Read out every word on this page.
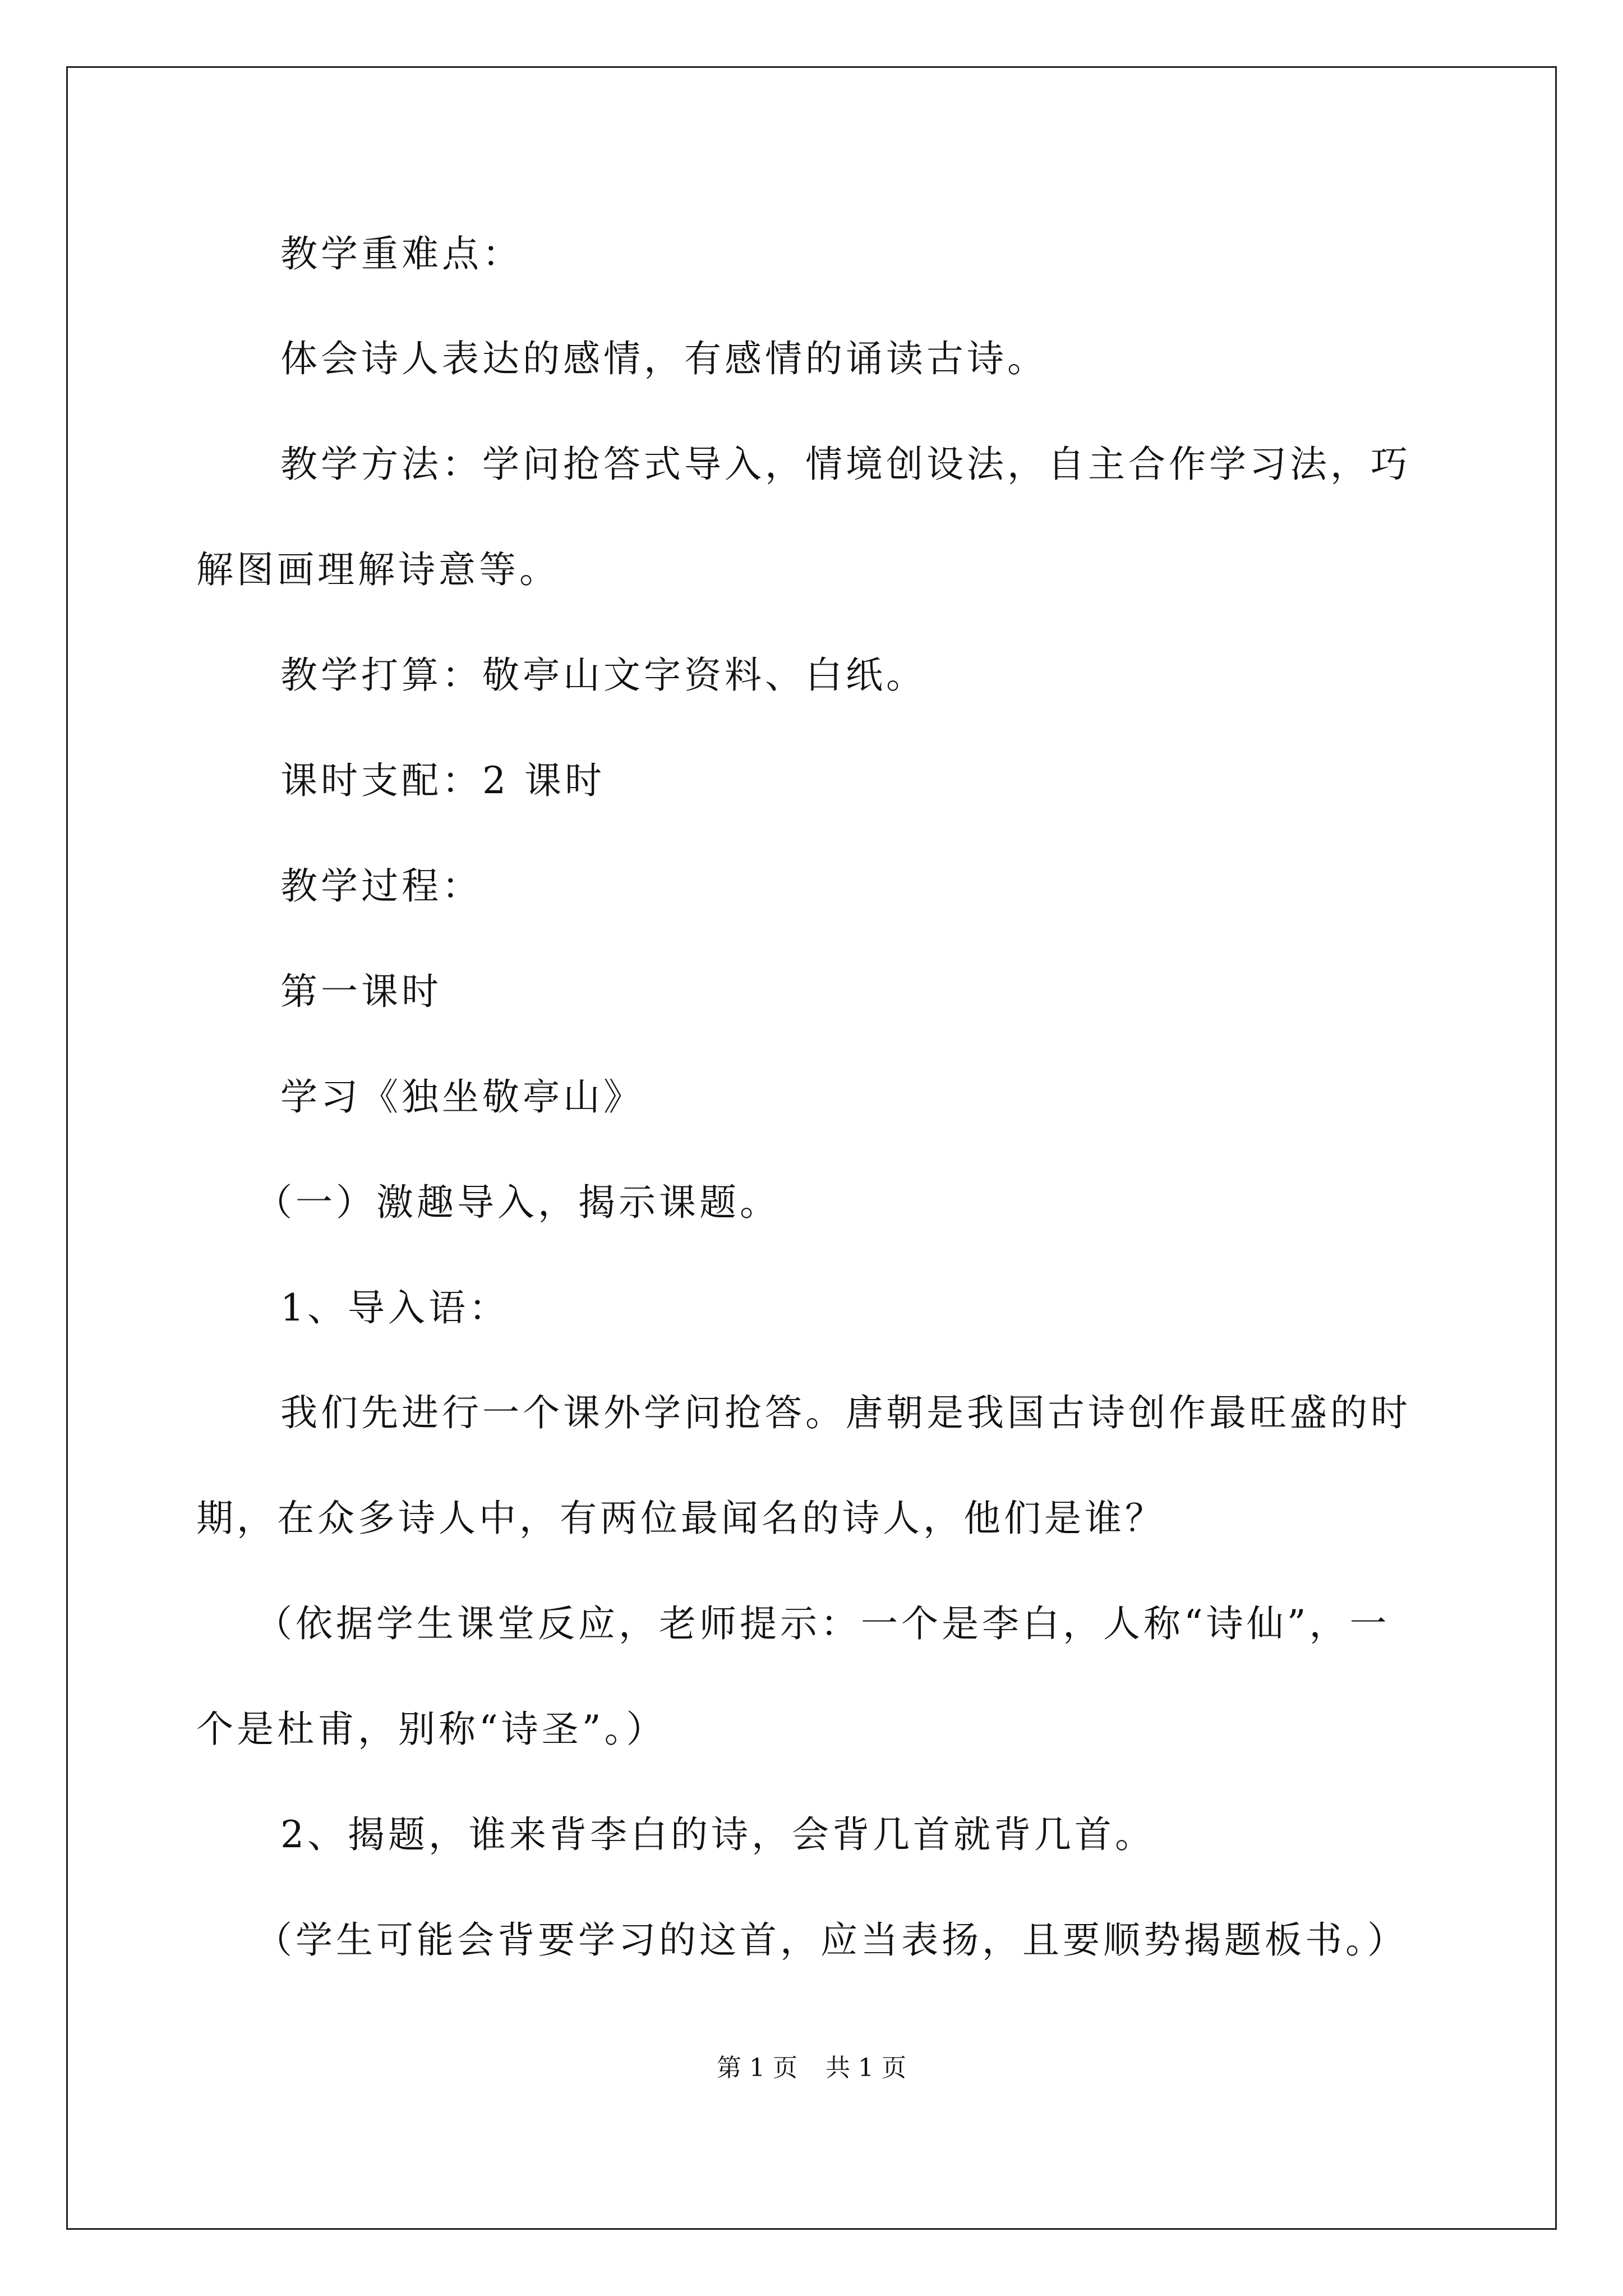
教学重难点：
体会诗人表达的感情，有感情的诵读古诗。
教学方法：学问抢答式导入，情境创设法，自主合作学习法，巧
解图画理解诗意等。
教学打算：敬亭山文字资料、白纸。
课时支配：2 课时
教学过程：
第一课时
学习《独坐敬亭山》
（一）激趣导入，揭示课题。
1、导入语：
我们先进行一个课外学问抢答。唐朝是我国古诗创作最旺盛的时
期，在众多诗人中，有两位最闻名的诗人，他们是谁？
（依据学生课堂反应，老师提示：一个是李白，人称“诗仙”，一
个是杜甫，别称“诗圣”。）
2、揭题，谁来背李白的诗，会背几首就背几首。
（学生可能会背要学习的这首，应当表扬，且要顺势揭题板书。）
第 1 页 共 1 页
